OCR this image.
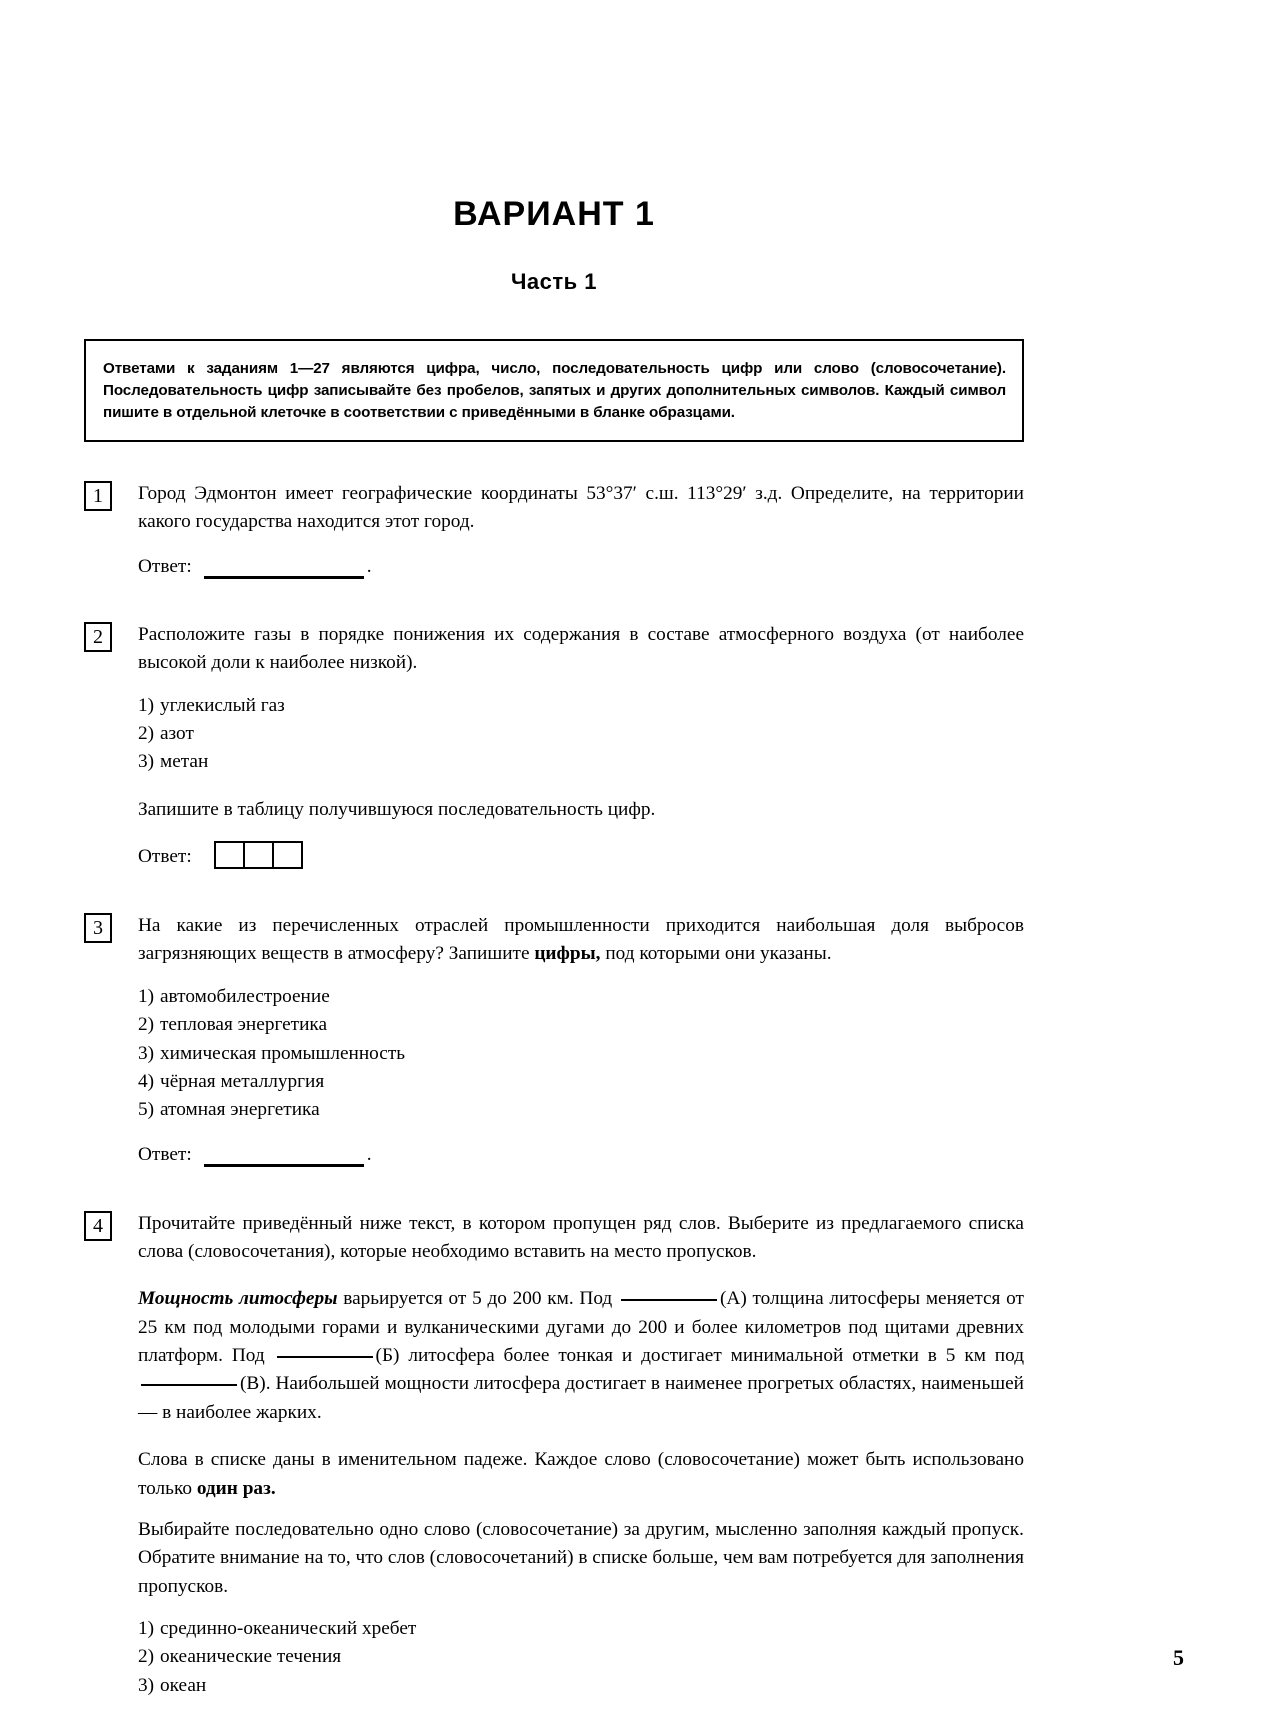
ВАРИАНТ 1
Часть 1

Ответами к заданиям 1—27 являются цифра, число, последовательность цифр или слово (словосочетание). Последовательность цифр записывайте без пробелов, запятых и других дополнительных символов. Каждый символ пишите в отдельной клеточке в соответствии с приведёнными в бланке образцами.

1	Город Эдмонтон имеет географические координаты 53°37′ с.ш. 113°29′ з.д. Определите, на территории какого государства находится этот город.

Ответ:	.
2	Расположите газы в порядке понижения их содержания в составе атмосферного воздуха (от наиболее высокой доли к наиболее низкой).

1) углекислый газ
2) азот
3) метан

Запишите в таблицу получившуюся последовательность цифр.

Ответ:
3	На какие из перечисленных отраслей промышленности приходится наибольшая доля выбросов загрязняющих веществ в атмосферу? Запишите цифры, под которыми они указаны.
1) автомобилестроение
2) тепловая энергетика
3) химическая промышленность
4) чёрная металлургия
5) атомная энергетика
Ответ:	.
4	Прочитайте приведённый ниже текст, в котором пропущен ряд слов. Выберите из предлагаемого списка слова (словосочетания), которые необходимо вставить на место пропусков.

Мощность литосферы варьируется от 5 до 200 км. Под	(А) толщина литосферы меняется от 25 км под молодыми горами и вулканическими дугами до 200 и более километров под щитами древних платформ. Под	(Б) литосфера более тонкая и достигает минимальной отметки в 5 км под (В). Наибольшей мощности литосфера достигает в наименее прогретых областях, наименьшей — в наиболее жарких.
Слова в списке даны в именительном падеже. Каждое слово (словосочетание) может быть использовано только один раз.
Выбирайте последовательно одно слово (словосочетание) за другим, мысленно заполняя каждый пропуск. Обратите внимание на то, что слов (словосочетаний) в списке больше, чем вам потребуется для заполнения пропусков.
1) срединно-океанический хребет
2) океанические течения
3) океан
5
